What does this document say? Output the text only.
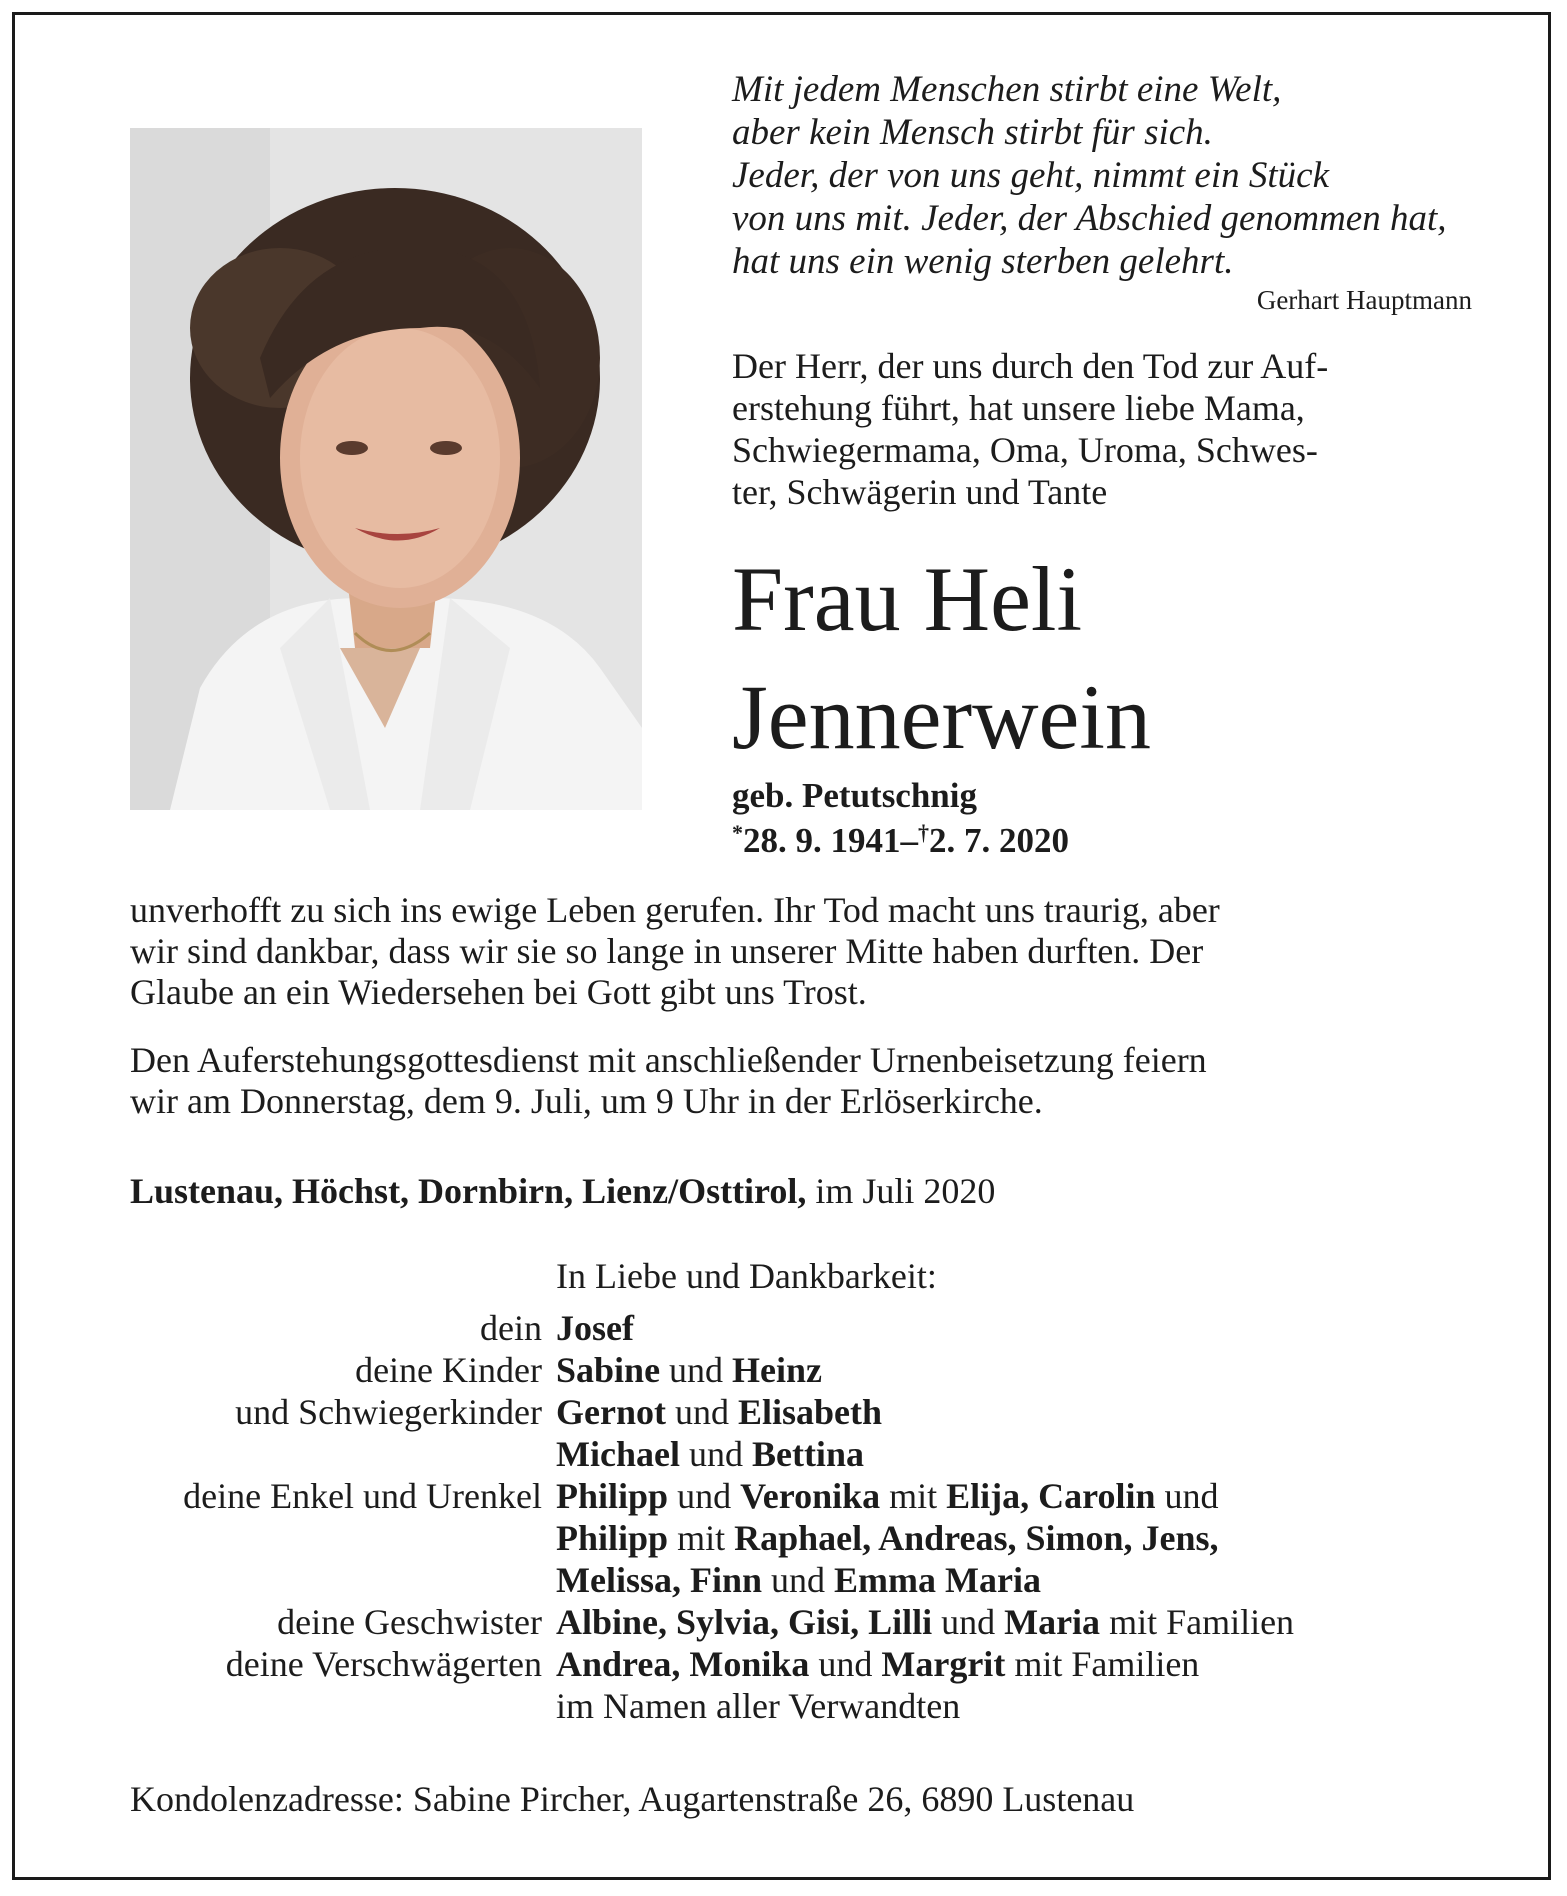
Mit jedem Menschen stirbt eine Welt,
aber kein Mensch stirbt für sich.
Jeder, der von uns geht, nimmt ein Stück
von uns mit. Jeder, der Abschied genommen hat,
hat uns ein wenig sterben gelehrt.
Gerhart Hauptmann
Der Herr, der uns durch den Tod zur Auf-
erstehung führt, hat unsere liebe Mama,
Schwiegermama, Oma, Uroma, Schwes-
ter, Schwägerin und Tante
Frau Heli
Jennerwein
geb. Petutschnig
*28. 9. 1941–†2. 7. 2020
unverhofft zu sich ins ewige Leben gerufen. Ihr Tod macht uns traurig, aber
wir sind dankbar, dass wir sie so lange in unserer Mitte haben durften. Der
Glaube an ein Wiedersehen bei Gott gibt uns Trost.
Den Auferstehungsgottesdienst mit anschließender Urnenbeisetzung feiern
wir am Donnerstag, dem 9. Juli, um 9 Uhr in der Erlöserkirche.
Lustenau, Höchst, Dornbirn, Lienz/Osttirol, im Juli 2020
In Liebe und Dankbarkeit:
dein Josef
deine Kinder Sabine und Heinz
und Schwiegerkinder Gernot und Elisabeth
Michael und Bettina
deine Enkel und Urenkel Philipp und Veronika mit Elija, Carolin und
Philipp mit Raphael, Andreas, Simon, Jens,
Melissa, Finn und Emma Maria
deine Geschwister Albine, Sylvia, Gisi, Lilli und Maria mit Familien
deine Verschwägerten Andrea, Monika und Margrit mit Familien
im Namen aller Verwandten
Kondolenzadresse: Sabine Pircher, Augartenstraße 26, 6890 Lustenau
